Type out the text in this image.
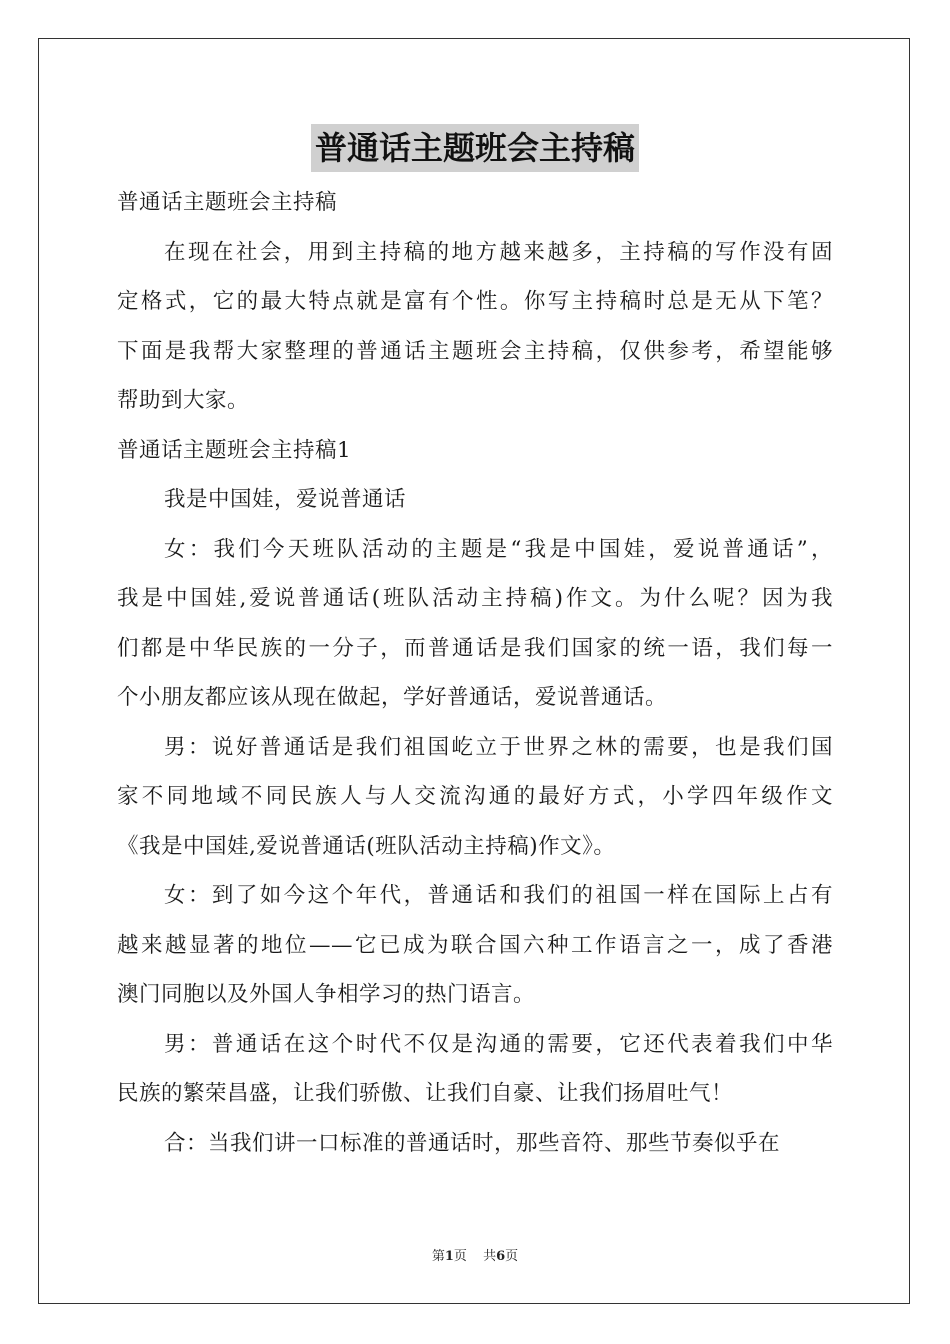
普通话主题班会主持稿
普通话主题班会主持稿
在现在社会，用到主持稿的地方越来越多，主持稿的写作没有固
定格式，它的最大特点就是富有个性。你写主持稿时总是无从下笔？
下面是我帮大家整理的普通话主题班会主持稿，仅供参考，希望能够
帮助到大家。
普通话主题班会主持稿1
我是中国娃，爱说普通话
女：我们今天班队活动的主题是“我是中国娃，爱说普通话”，
我是中国娃,爱说普通话(班队活动主持稿)作文。为什么呢？因为我
们都是中华民族的一分子，而普通话是我们国家的统一语，我们每一
个小朋友都应该从现在做起，学好普通话，爱说普通话。
男：说好普通话是我们祖国屹立于世界之林的需要，也是我们国
家不同地域不同民族人与人交流沟通的最好方式，小学四年级作文
《我是中国娃,爱说普通话(班队活动主持稿)作文》。
女：到了如今这个年代，普通话和我们的祖国一样在国际上占有
越来越显著的地位——它已成为联合国六种工作语言之一，成了香港
澳门同胞以及外国人争相学习的热门语言。
男：普通话在这个时代不仅是沟通的需要，它还代表着我们中华
民族的繁荣昌盛，让我们骄傲、让我们自豪、让我们扬眉吐气！
合：当我们讲一口标准的普通话时，那些音符、那些节奏似乎在
第1页 共6页
